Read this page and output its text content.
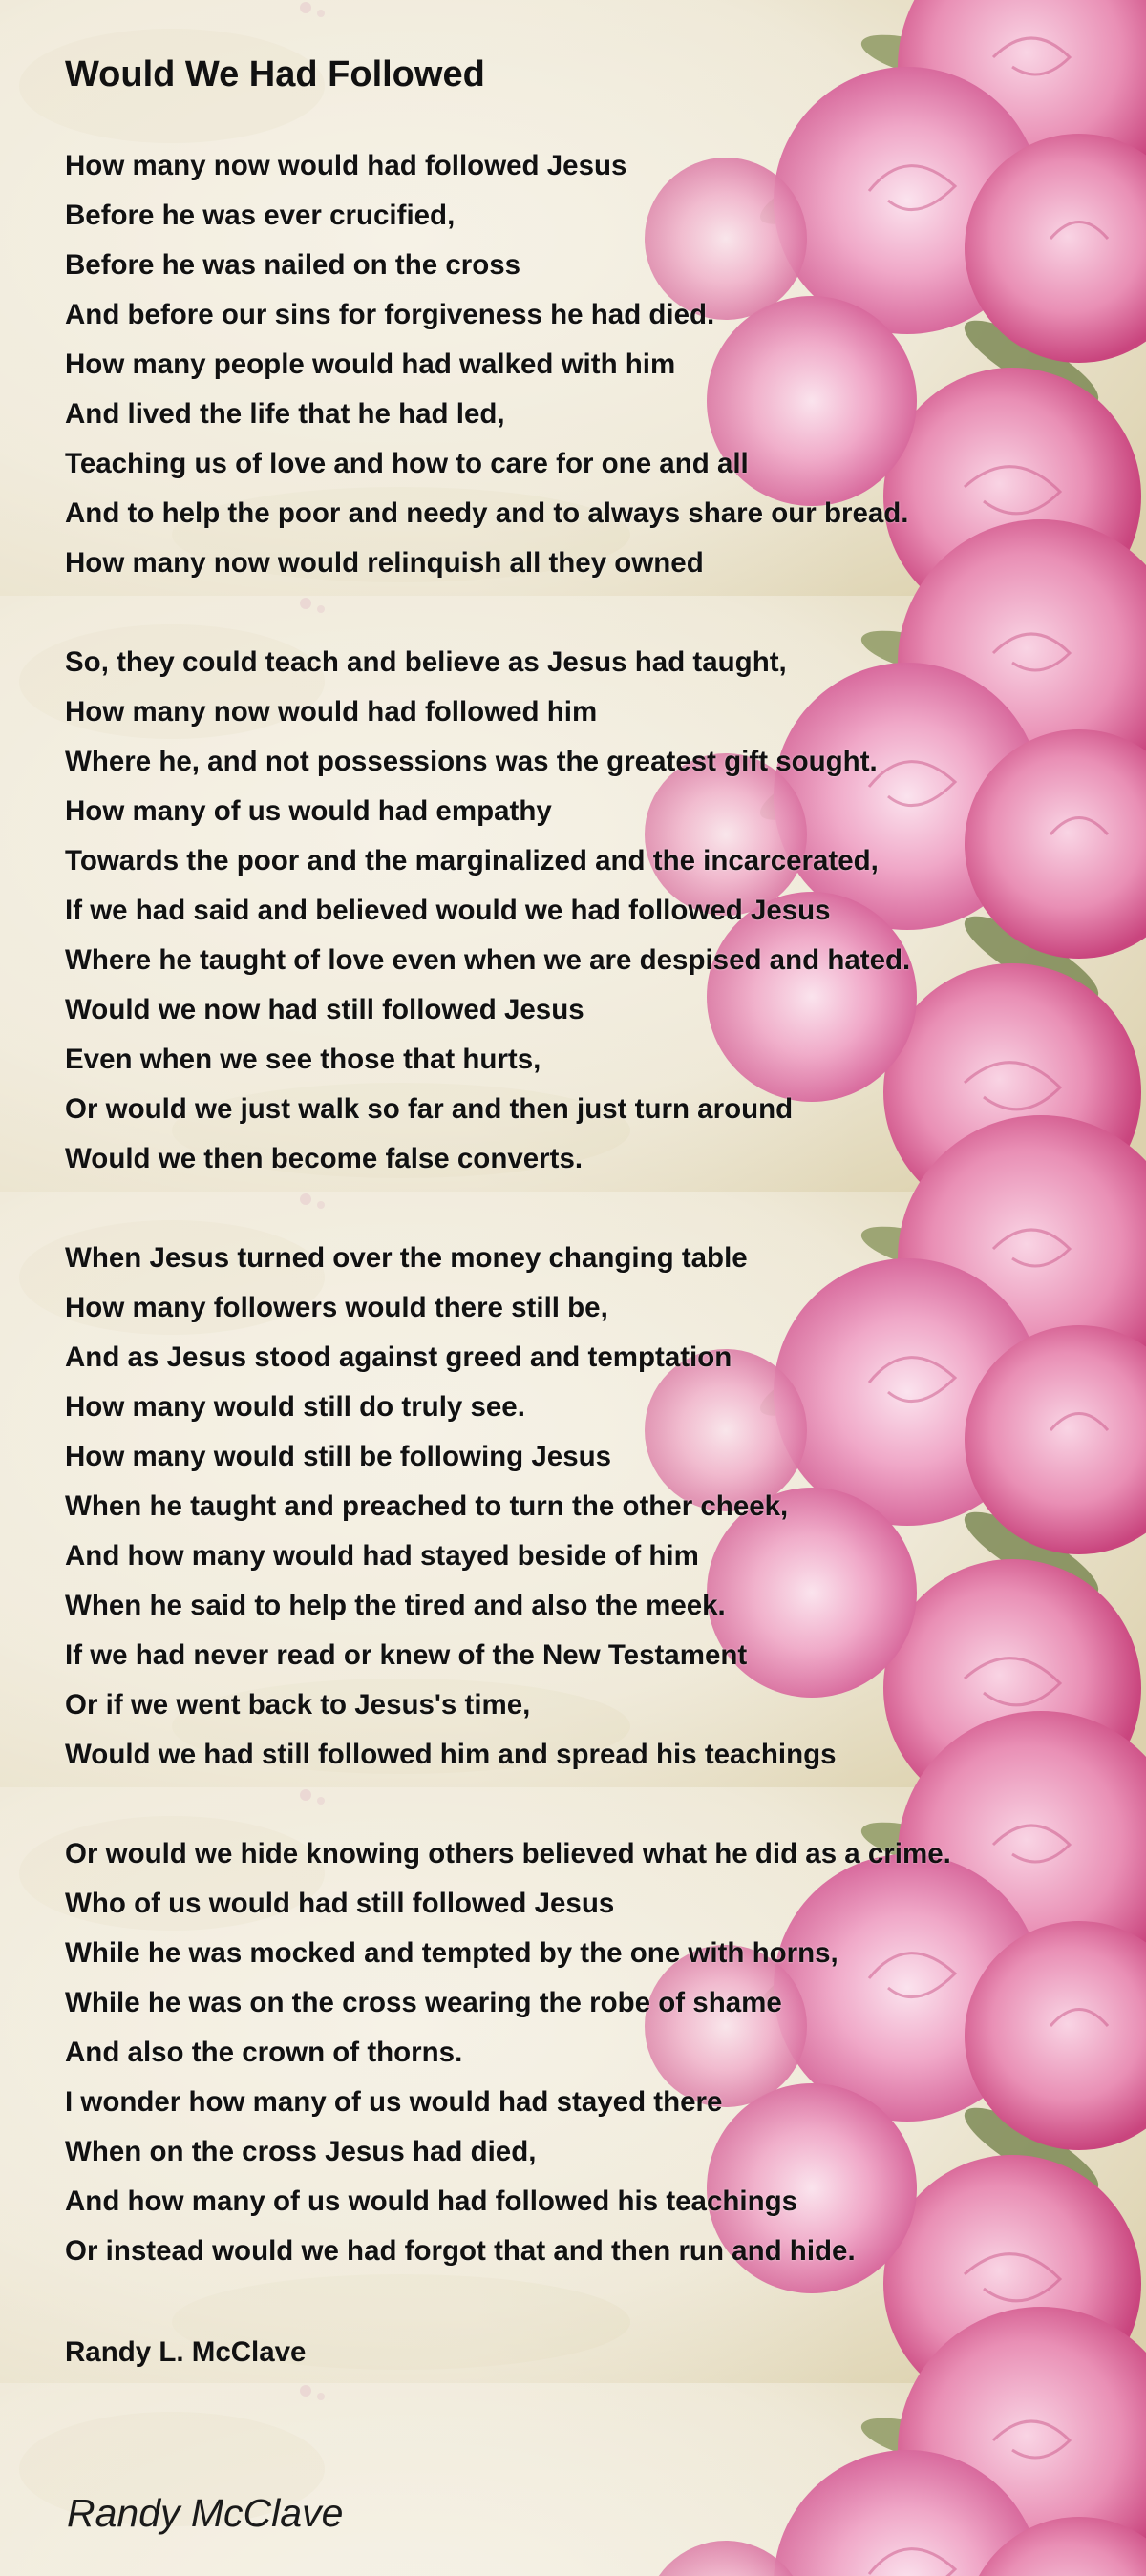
Would We Had Followed
How many now would had followed Jesus
Before he was ever crucified,
Before he was nailed on the cross
And before our sins for forgiveness he had died.
How many people would had walked with him
And lived the life that he had led,
Teaching us of love and how to care for one and all
And to help the poor and needy and to always share our bread.
How many now would relinquish all they owned
So, they could teach and believe as Jesus had taught,
How many now would had followed him
Where he, and not possessions was the greatest gift sought.
How many of us would had empathy
Towards the poor and the marginalized and the incarcerated,
If we had said and believed would we had followed Jesus
Where he taught of love even when we are despised and hated.
Would we now had still followed Jesus
Even when we see those that hurts,
Or would we just walk so far and then just turn around
Would we then become false converts.
When Jesus turned over the money changing table
How many followers would there still be,
And as Jesus stood against greed and temptation
How many would still do truly see.
How many would still be following Jesus
When he taught and preached to turn the other cheek,
And how many would had stayed beside of him
When he said to help the tired and also the meek.
If we had never read or knew of the New Testament
Or if we went back to Jesus's time,
Would we had still followed him and spread his teachings
Or would we hide knowing others believed what he did as a crime.
Who of us would had still followed Jesus
While he was mocked and tempted by the one with horns,
While he was on the cross wearing the robe of shame
And also the crown of thorns.
I wonder how many of us would had stayed there
When on the cross Jesus had died,
And how many of us would had followed his teachings
Or instead would we had forgot that and then run and hide.
Randy L. McClave
Randy McClave
